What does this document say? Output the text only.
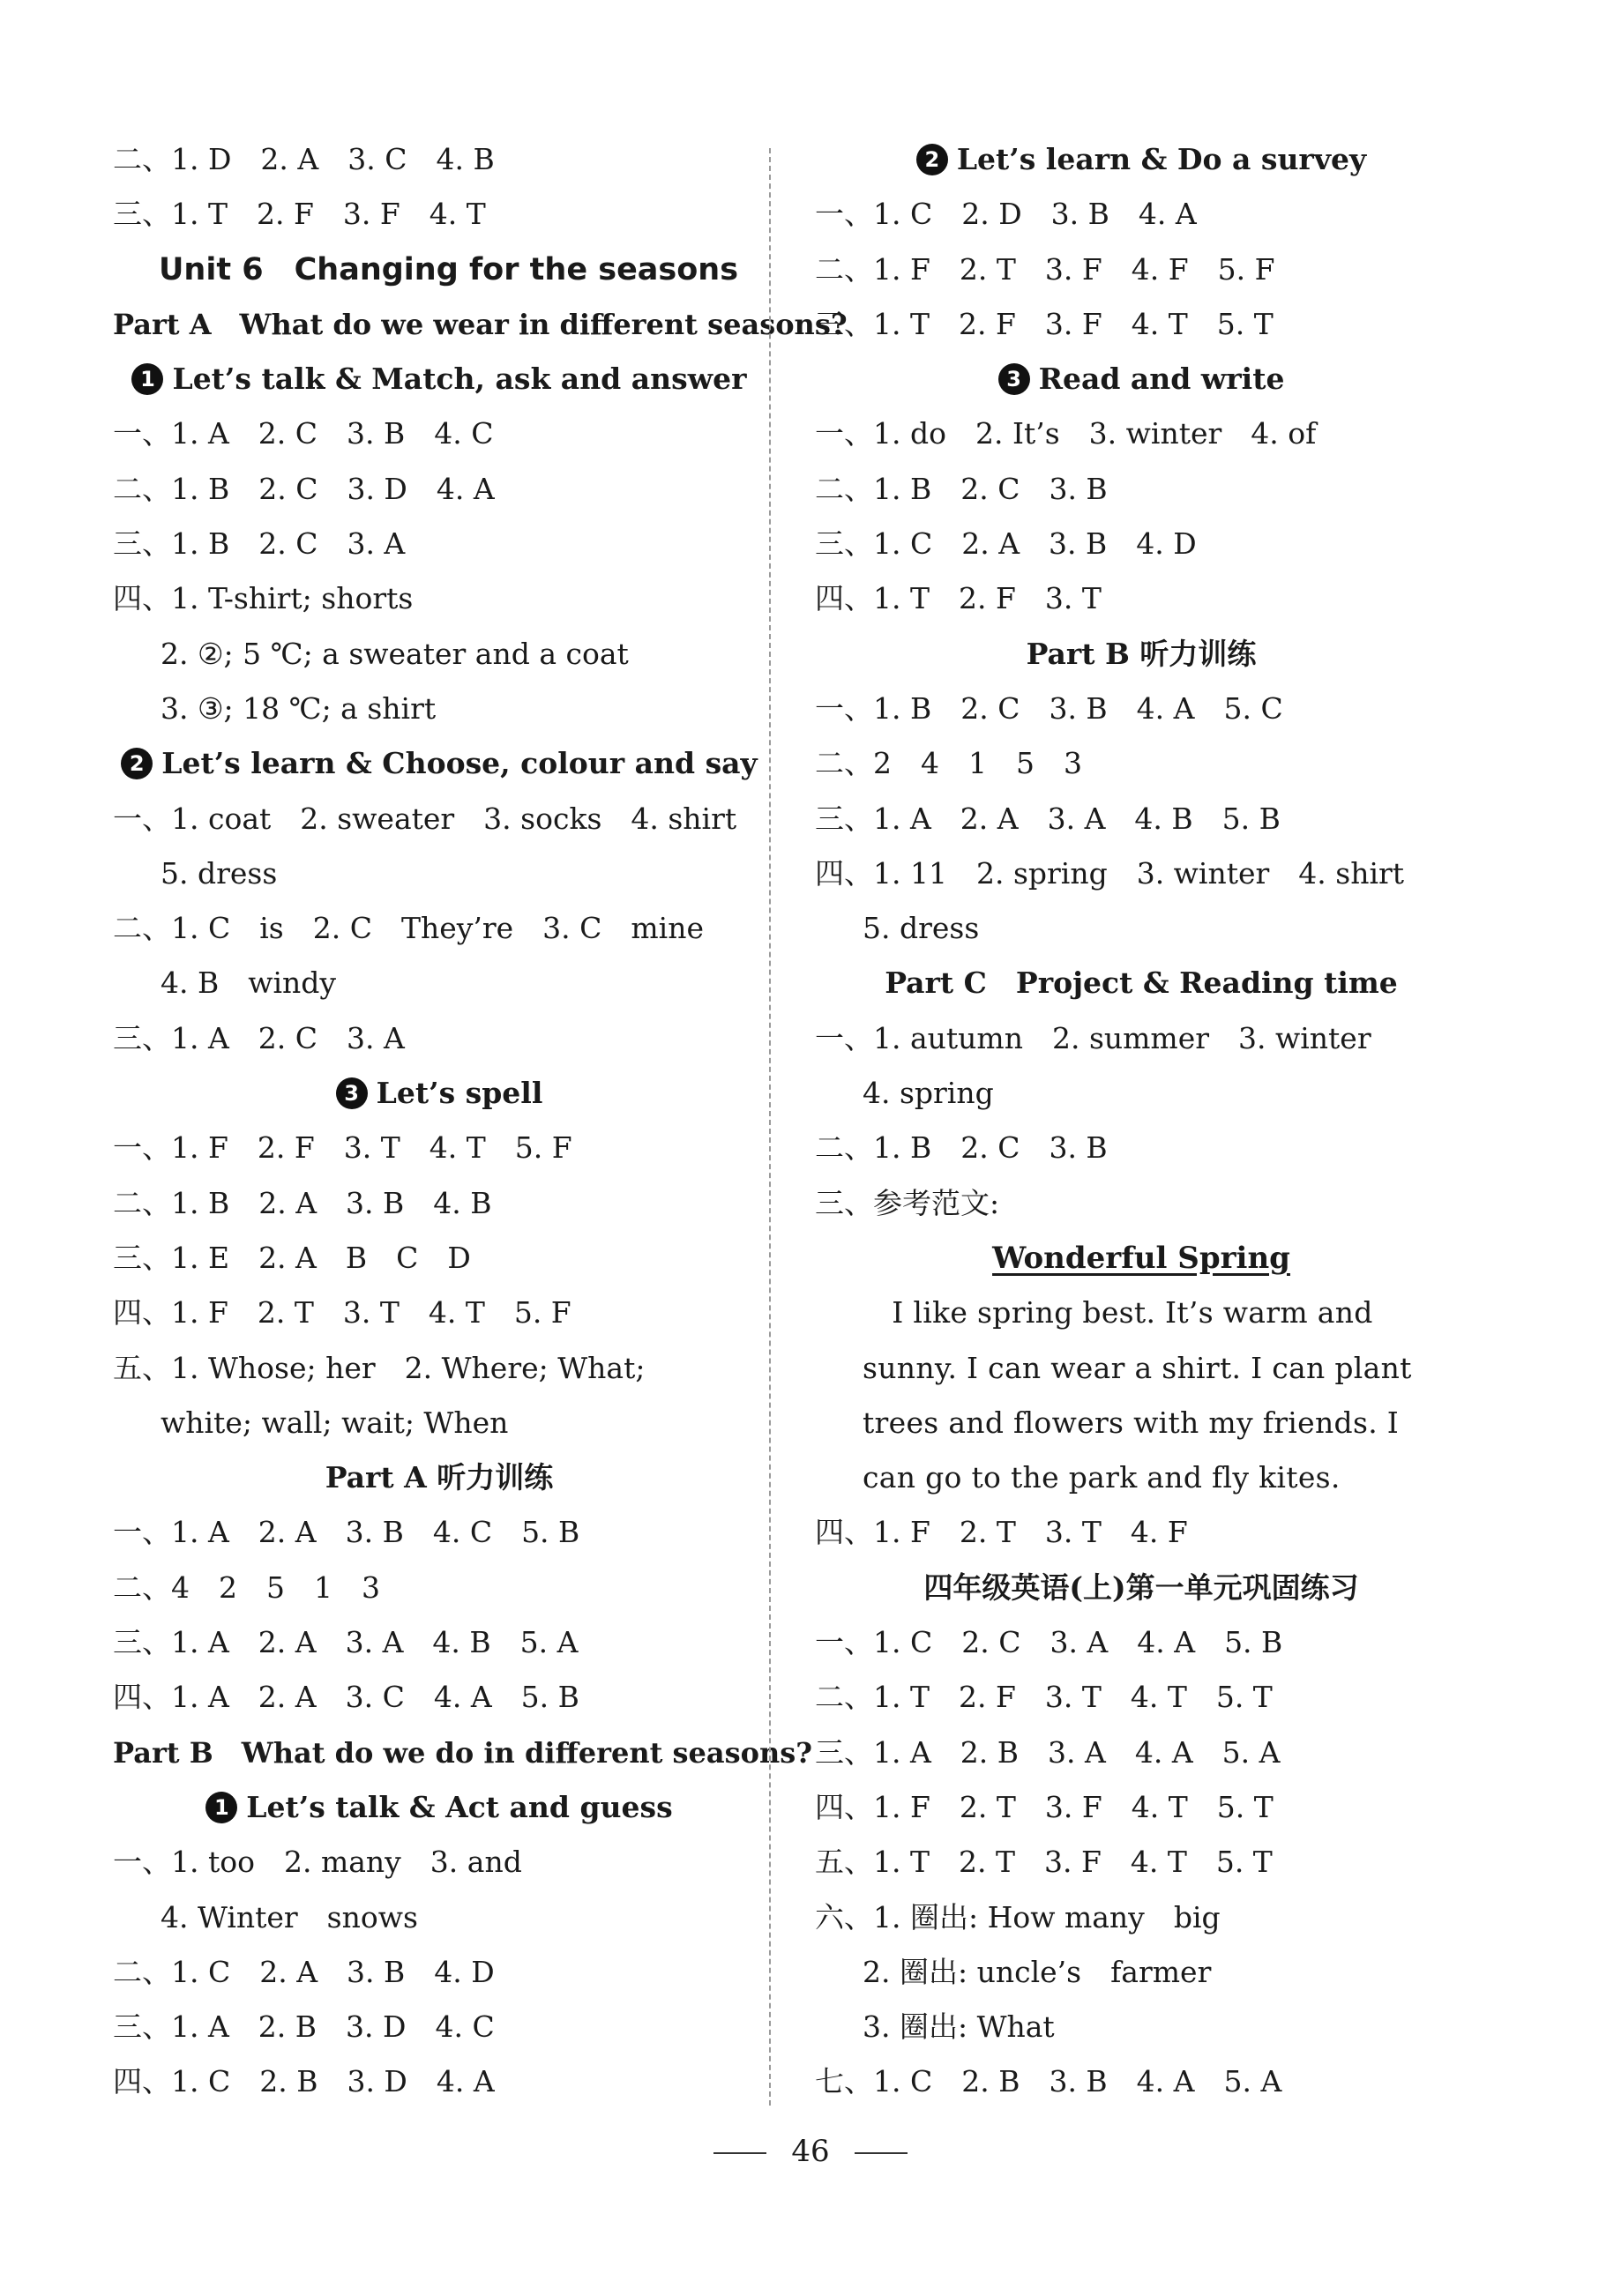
二、1. D　2. A　3. C　4. B
三、1. T　2. F　3. F　4. T
Unit 6　Changing for the seasons
Part A　What do we wear in different seasons?
1 Let’s talk & Match, ask and answer
一、1. A　2. C　3. B　4. C
二、1. B　2. C　3. D　4. A
三、1. B　2. C　3. A
四、1. T-shirt; shorts
2. ②; 5 ℃; a sweater and a coat
3. ③; 18 ℃; a shirt
2 Let’s learn & Choose, colour and say
一、1. coat　2. sweater　3. socks　4. shirt
5. dress
二、1. C　is　2. C　They’re　3. C　mine
4. B　windy
三、1. A　2. C　3. A
3 Let’s spell
一、1. F　2. F　3. T　4. T　5. F
二、1. B　2. A　3. B　4. B
三、1. E　2. A　B　C　D
四、1. F　2. T　3. T　4. T　5. F
五、1. Whose; her　2. Where; What;
white; wall; wait; When
Part A 听力训练
一、1. A　2. A　3. B　4. C　5. B
二、4　2　5　1　3
三、1. A　2. A　3. A　4. B　5. A
四、1. A　2. A　3. C　4. A　5. B
Part B　What do we do in different seasons?
1 Let’s talk & Act and guess
一、1. too　2. many　3. and
4. Winter　snows
二、1. C　2. A　3. B　4. D
三、1. A　2. B　3. D　4. C
四、1. C　2. B　3. D　4. A
2 Let’s learn & Do a survey
一、1. C　2. D　3. B　4. A
二、1. F　2. T　3. F　4. F　5. F
三、1. T　2. F　3. F　4. T　5. T
3 Read and write
一、1. do　2. It’s　3. winter　4. of
二、1. B　2. C　3. B
三、1. C　2. A　3. B　4. D
四、1. T　2. F　3. T
Part B 听力训练
一、1. B　2. C　3. B　4. A　5. C
二、2　4　1　5　3
三、1. A　2. A　3. A　4. B　5. B
四、1. 11　2. spring　3. winter　4. shirt
5. dress
Part C　Project & Reading time
一、1. autumn　2. summer　3. winter
4. spring
二、1. B　2. C　3. B
三、参考范文:
Wonderful Spring
　I like spring best. It’s warm and
sunny. I can wear a shirt. I can plant
trees and flowers with my friends. I
can go to the park and fly kites.
四、1. F　2. T　3. T　4. F
四年级英语(上)第一单元巩固练习
一、1. C　2. C　3. A　4. A　5. B
二、1. T　2. F　3. T　4. T　5. T
三、1. A　2. B　3. A　4. A　5. A
四、1. F　2. T　3. F　4. T　5. T
五、1. T　2. T　3. F　4. T　5. T
六、1. 圈出: How many　big
2. 圈出: uncle’s　farmer
3. 圈出: What
七、1. C　2. B　3. B　4. A　5. A
46
